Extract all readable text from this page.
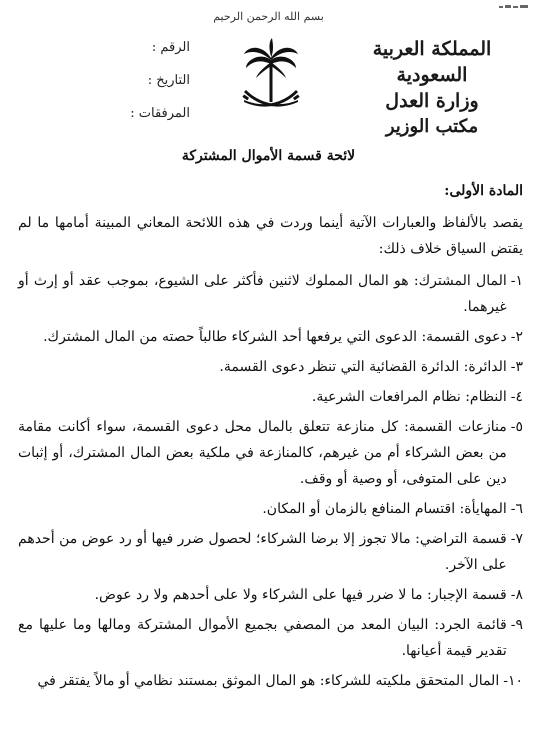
بسم الله الرحمن الرحيم
المملكة العربية السعودية
وزارة العدل
مكتب الوزير
الرقم :
التاريخ :
المرفقات :
لائحة قسمة الأموال المشتركة
المادة الأولى:
يقصد بالألفاظ والعبارات الآتية أينما وردت في هذه اللائحة المعاني المبينة أمامها ما لم يقتض السياق خلاف ذلك:
١-
المال المشترك: هو المال المملوك لاثنين فأكثر على الشيوع، بموجب عقد أو إرث أو غيرهما.
٢-
دعوى القسمة: الدعوى التي يرفعها أحد الشركاء طالباً حصته من المال المشترك.
٣-
الدائرة: الدائرة القضائية التي تنظر دعوى القسمة.
٤-
النظام: نظام المرافعات الشرعية.
٥-
منازعات القسمة: كل منازعة تتعلق بالمال محل دعوى القسمة، سواء أكانت مقامة من بعض الشركاء أم من غيرهم، كالمنازعة في ملكية بعض المال المشترك، أو إثبات دين على المتوفى، أو وصية أو وقف.
٦-
المهايأة: اقتسام المنافع بالزمان أو المكان.
٧-
قسمة التراضي: مالا تجوز إلا برضا الشركاء؛ لحصول ضرر فيها أو رد عوض من أحدهم على الآخر.
٨-
قسمة الإجبار: ما لا ضرر فيها على الشركاء ولا على أحدهم ولا رد عوض.
٩-
قائمة الجرد: البيان المعد من المصفي بجميع الأموال المشتركة ومالها وما عليها مع تقدير قيمة أعيانها.
١٠-
المال المتحقق ملكيته للشركاء: هو المال الموثق بمستند نظامي أو مالاً يفتقر في
